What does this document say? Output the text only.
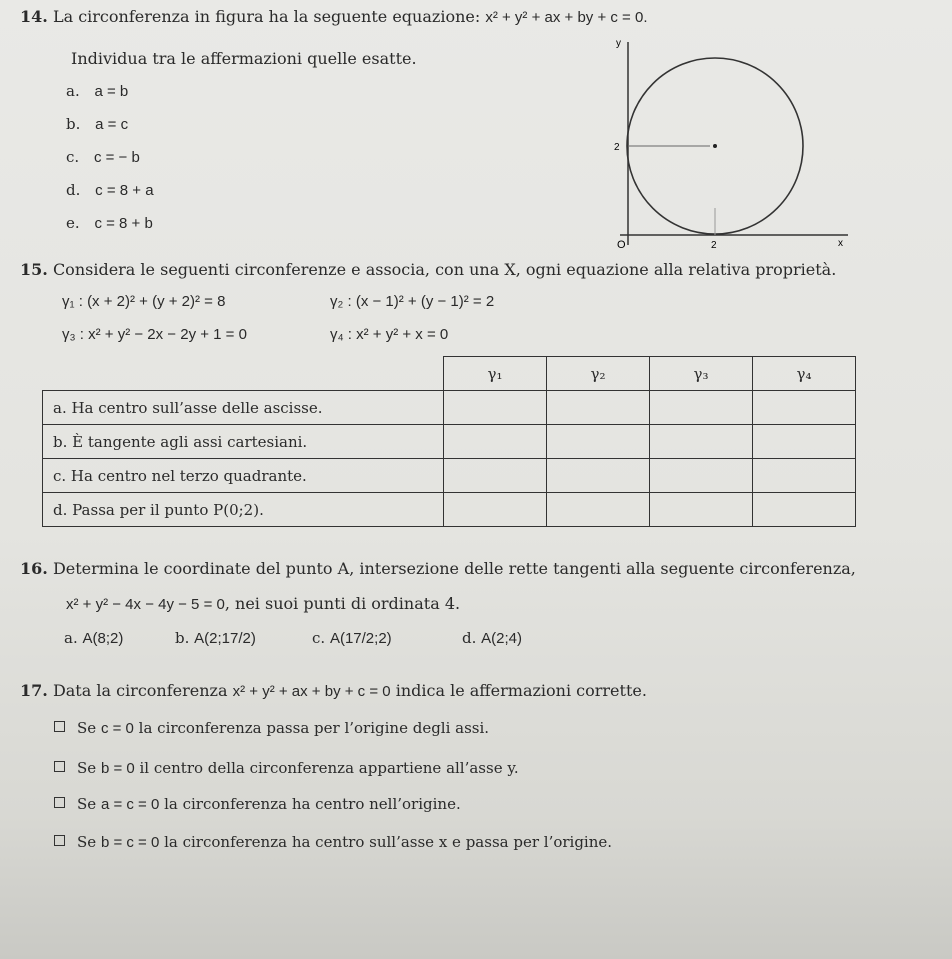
14. La circonferenza in figura ha la seguente equazione: x² + y² + ax + by + c = 0.
Individua tra le affermazioni quelle esatte.
a. a = b
b. a = c
c. c = − b
d. c = 8 + a
e. c = 8 + b
y
x
O	2
2
15. Considera le seguenti circonferenze e associa, con una X, ogni equazione alla relativa proprietà.
γ₁ : (x + 2)² + (y + 2)² = 8	γ₂ : (x − 1)² + (y − 1)² = 2
γ₃ : x² + y² − 2x − 2y + 1 = 0	γ₄ : x² + y² + x = 0
	γ₁	γ₂	γ₃	γ₄
a. Ha centro sull’asse delle ascisse.				
b. È tangente agli assi cartesiani.				
c. Ha centro nel terzo quadrante.				
d. Passa per il punto P(0;2).				
16. Determina le coordinate del punto A, intersezione delle rette tangenti alla seguente circonferenza,
x² + y² − 4x − 4y − 5 = 0, nei suoi punti di ordinata 4.
a. A(8;2)	b. A(2;17/2)	c. A(17/2;2)	d. A(2;4)
17. Data la circonferenza x² + y² + ax + by + c = 0 indica le affermazioni corrette.
Se c = 0 la circonferenza passa per l’origine degli assi.
Se b = 0 il centro della circonferenza appartiene all’asse y.
Se a = c = 0 la circonferenza ha centro nell’origine.
Se b = c = 0 la circonferenza ha centro sull’asse x e passa per l’origine.
